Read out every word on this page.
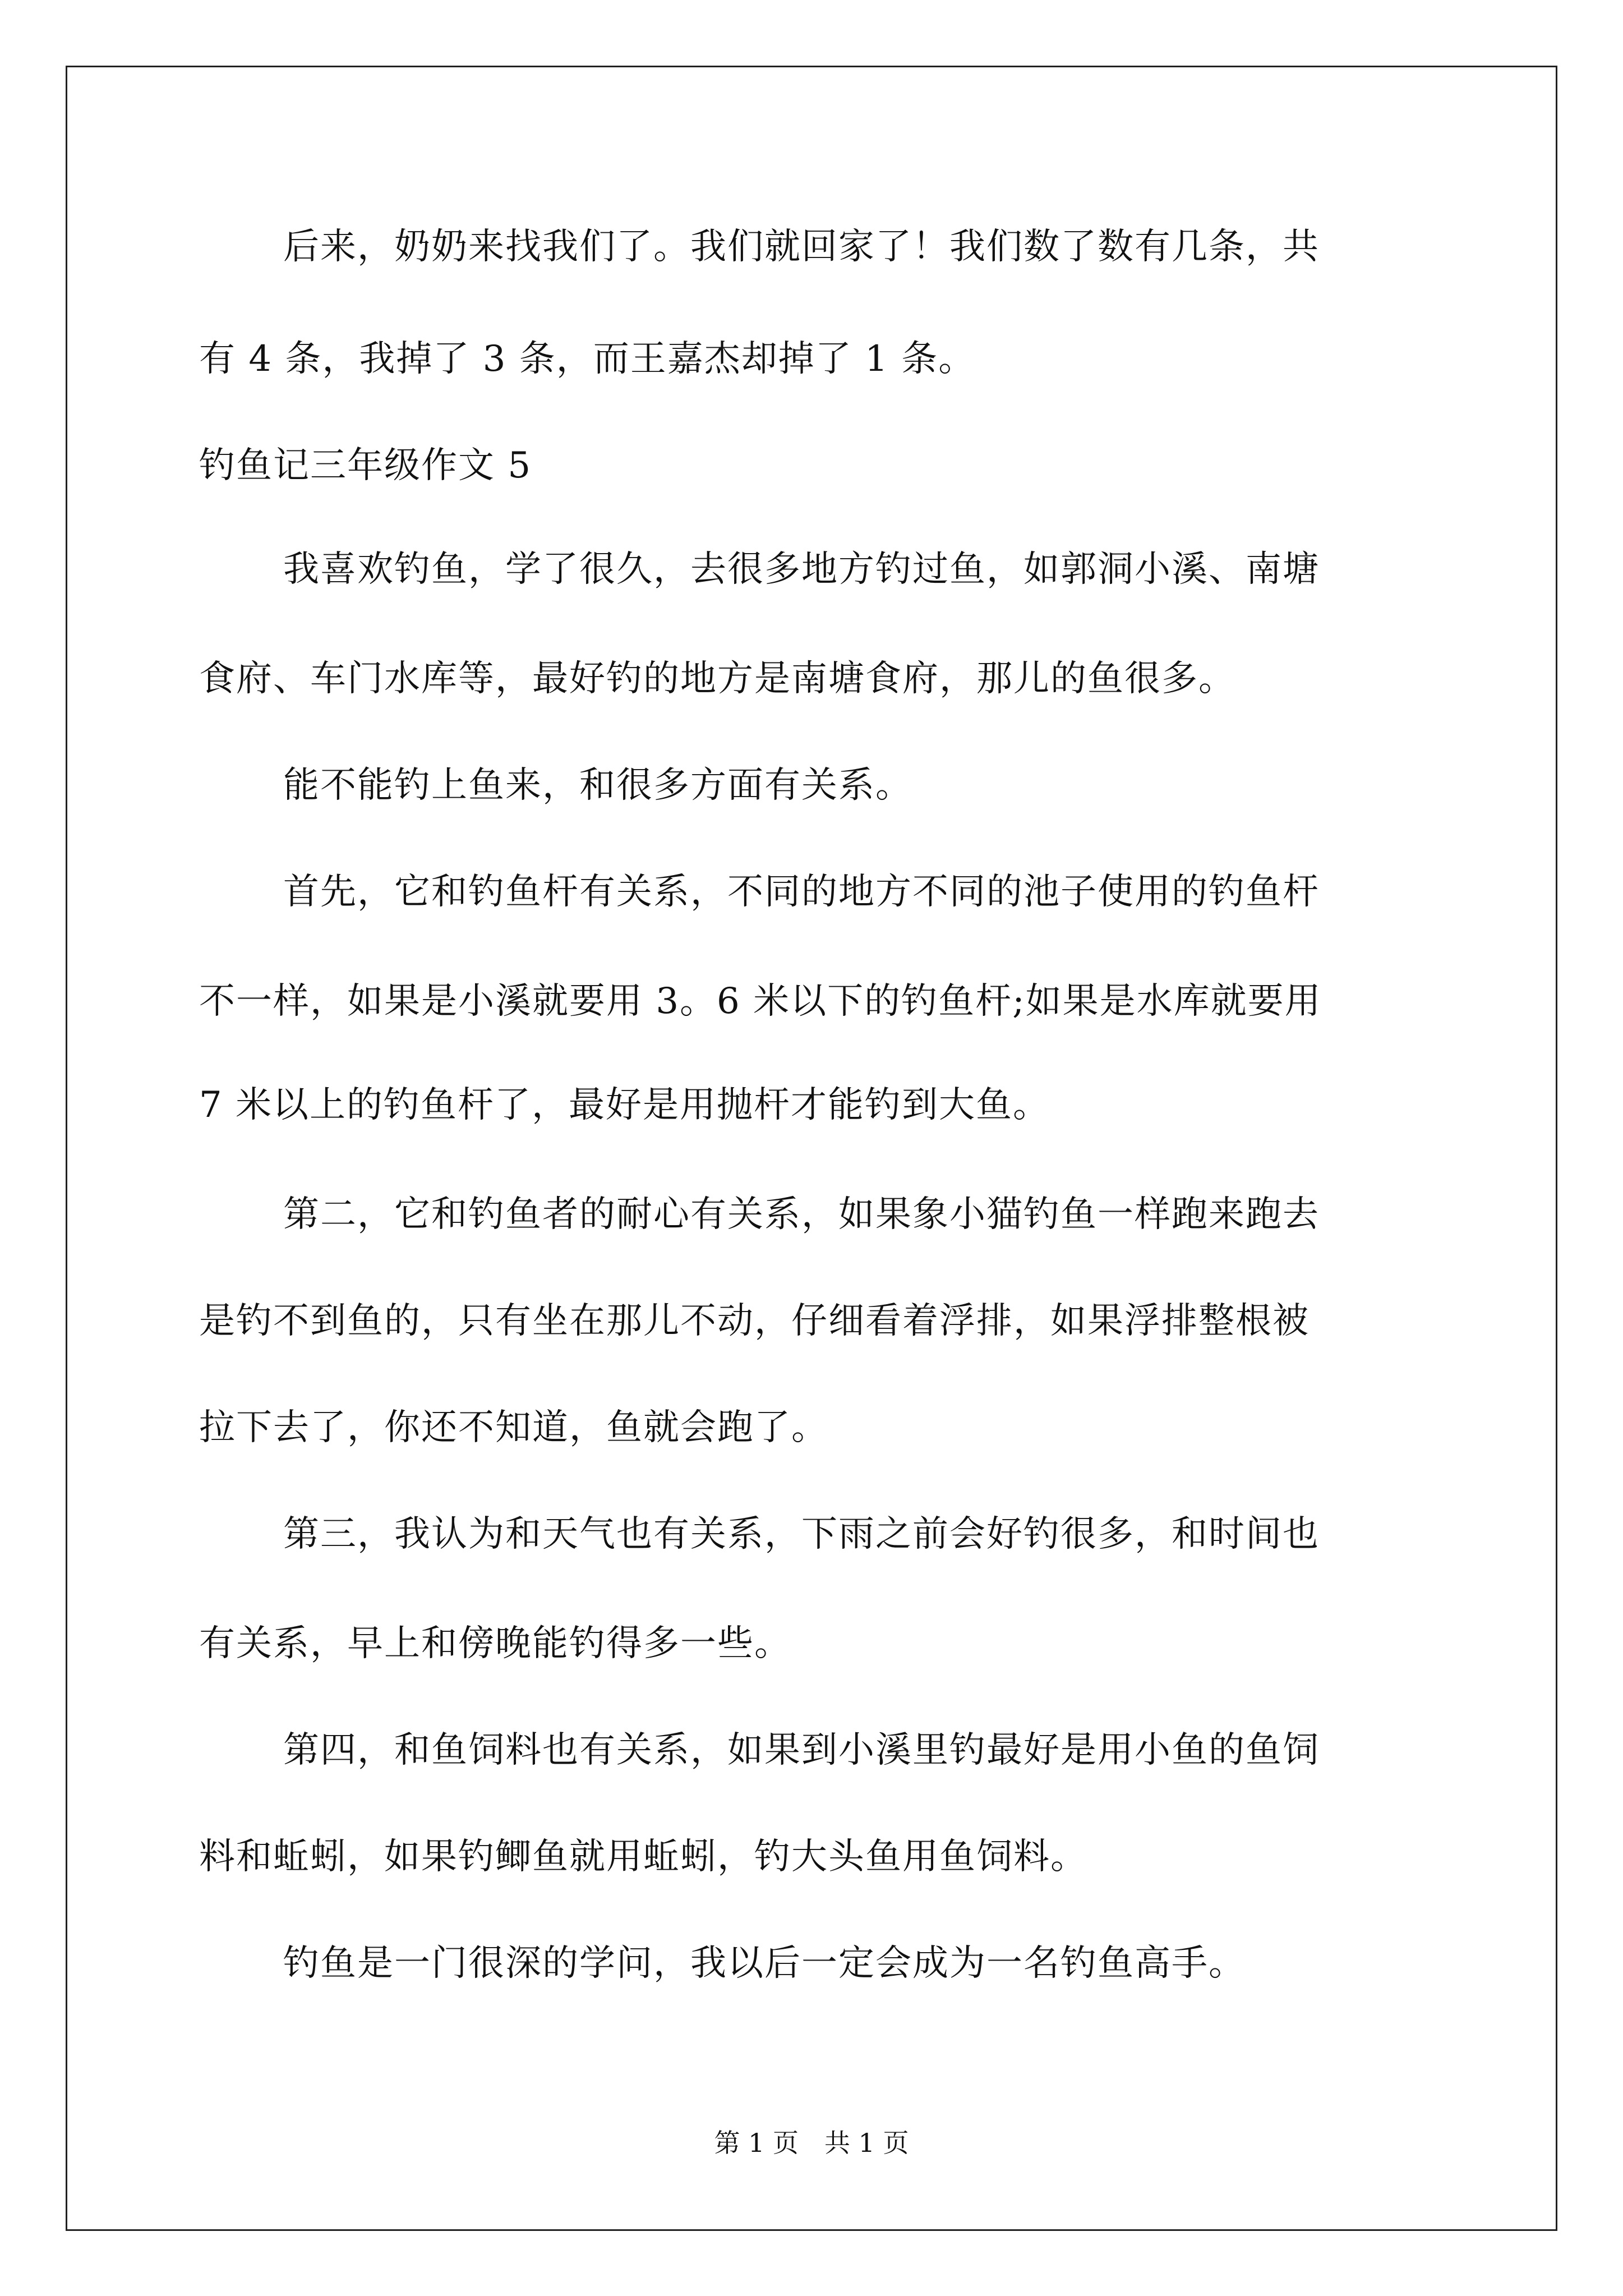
后来，奶奶来找我们了。我们就回家了！我们数了数有几条，共
有 4 条，我掉了 3 条，而王嘉杰却掉了 1 条。
钓鱼记三年级作文 5
我喜欢钓鱼，学了很久，去很多地方钓过鱼，如郭洞小溪、南塘
食府、车门水库等，最好钓的地方是南塘食府，那儿的鱼很多。
能不能钓上鱼来，和很多方面有关系。
首先，它和钓鱼杆有关系，不同的地方不同的池子使用的钓鱼杆
不一样，如果是小溪就要用 3。6 米以下的钓鱼杆;如果是水库就要用
7 米以上的钓鱼杆了，最好是用抛杆才能钓到大鱼。
第二，它和钓鱼者的耐心有关系，如果象小猫钓鱼一样跑来跑去
是钓不到鱼的，只有坐在那儿不动，仔细看着浮排，如果浮排整根被
拉下去了，你还不知道，鱼就会跑了。
第三，我认为和天气也有关系，下雨之前会好钓很多，和时间也
有关系，早上和傍晚能钓得多一些。
第四，和鱼饲料也有关系，如果到小溪里钓最好是用小鱼的鱼饲
料和蚯蚓，如果钓鲫鱼就用蚯蚓，钓大头鱼用鱼饲料。
钓鱼是一门很深的学问，我以后一定会成为一名钓鱼高手。
第 1 页　共 1 页
